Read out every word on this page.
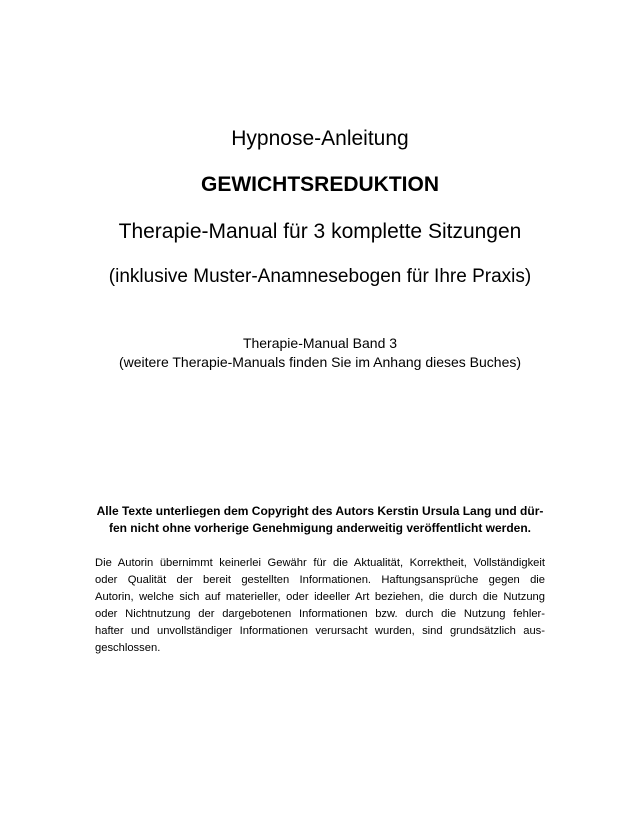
Hypnose-Anleitung
GEWICHTSREDUKTION
Therapie-Manual für 3 komplette Sitzungen
(inklusive Muster-Anamnesebogen für Ihre Praxis)
Therapie-Manual Band 3
(weitere Therapie-Manuals finden Sie im Anhang dieses Buches)
Alle Texte unterliegen dem Copyright des Autors Kerstin Ursula Lang und dür-
fen nicht ohne vorherige Genehmigung anderweitig veröffentlicht werden.
Die Autorin übernimmt keinerlei Gewähr für die Aktualität, Korrektheit, Vollständigkeit
oder Qualität der bereit gestellten Informationen. Haftungsansprüche gegen die
Autorin, welche sich auf materieller, oder ideeller Art beziehen, die durch die Nutzung
oder Nichtnutzung der dargebotenen Informationen bzw. durch die Nutzung fehler-
hafter und unvollständiger Informationen verursacht wurden, sind grundsätzlich aus-
geschlossen.
